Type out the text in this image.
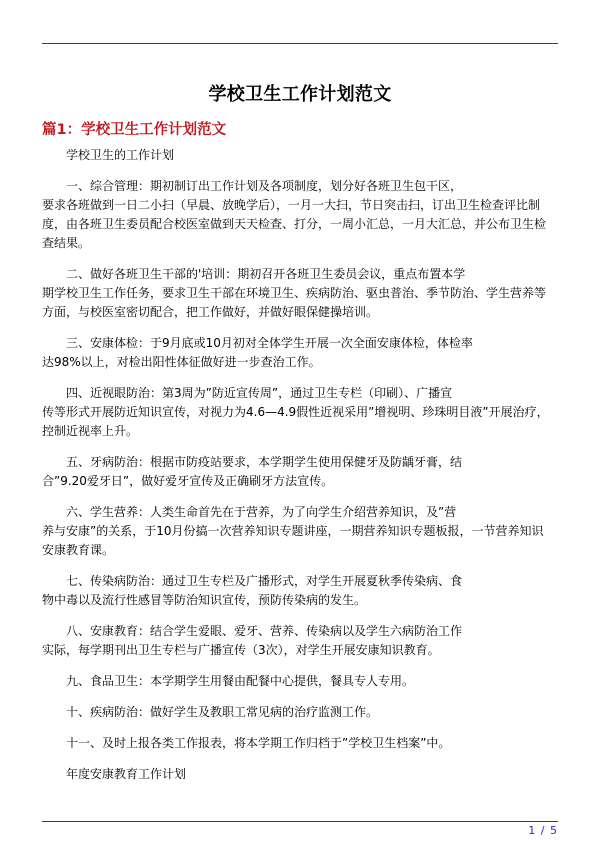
学校卫生工作计划范文
篇1：学校卫生工作计划范文

学校卫生的工作计划

一、综合管理：期初制订出工作计划及各项制度，划分好各班卫生包干区，
要求各班做到一日二小扫（早晨、放晚学后），一月一大扫，节日突击扫，订出卫生检查评比制
度，由各班卫生委员配合校医室做到天天检查、打分，一周小汇总，一月大汇总，并公布卫生检
查结果。

二、做好各班卫生干部的'培训：期初召开各班卫生委员会议，重点布置本学
期学校卫生工作任务，要求卫生干部在环境卫生、疾病防治、驱虫普治、季节防治、学生营养等
方面，与校医室密切配合，把工作做好，并做好眼保健操培训。

三、安康体检：于9月底或10月初对全体学生开展一次全面安康体检，体检率
达98%以上，对检出阳性体征做好进一步查治工作。

四、近视眼防治：第3周为”防近宣传周”，通过卫生专栏（印刷）、广播宣
传等形式开展防近知识宣传，对视力为4.6—4.9假性近视采用”增视明、珍珠明目液”开展治疗，
控制近视率上升。

五、牙病防治：根据市防疫站要求，本学期学生使用保健牙及防龋牙膏，结
合”9.20爱牙日”，做好爱牙宣传及正确刷牙方法宣传。

六、学生营养：人类生命首先在于营养，为了向学生介绍营养知识，及”营
养与安康”的关系，于10月份搞一次营养知识专题讲座，一期营养知识专题板报，一节营养知识
安康教育课。

七、传染病防治：通过卫生专栏及广播形式，对学生开展夏秋季传染病、食
物中毒以及流行性感冒等防治知识宣传，预防传染病的发生。

八、安康教育：结合学生爱眼、爱牙、营养、传染病以及学生六病防治工作
实际，每学期刊出卫生专栏与广播宣传（3次），对学生开展安康知识教育。

九、食品卫生：本学期学生用餐由配餐中心提供，餐具专人专用。

十、疾病防治：做好学生及教职工常见病的治疗监测工作。

十一、及时上报各类工作报表，将本学期工作归档于”学校卫生档案”中。

年度安康教育工作计划

1 / 5
